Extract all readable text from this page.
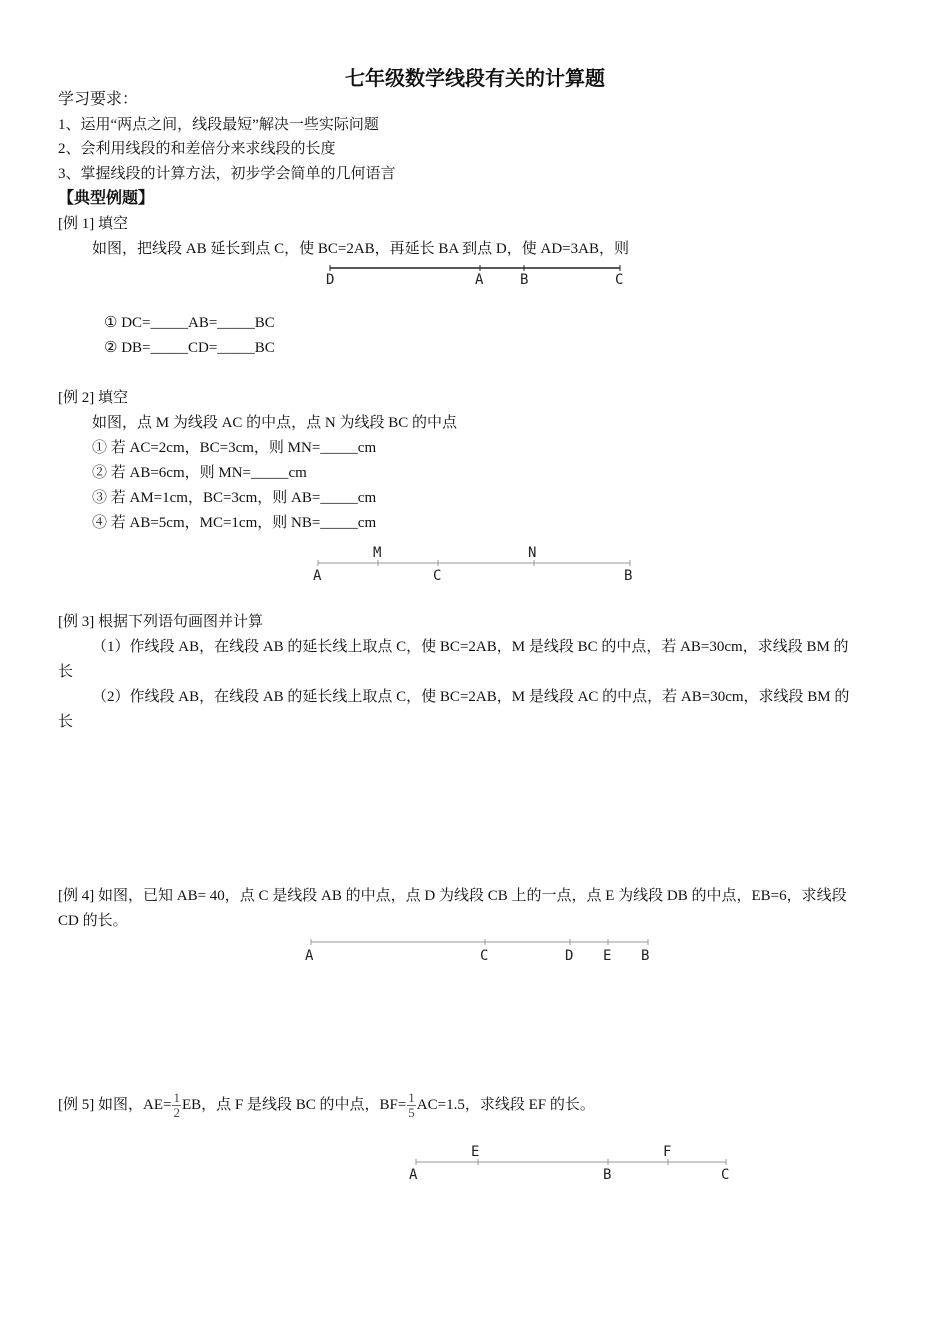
七年级数学线段有关的计算题
学习要求：
1、运用“两点之间，线段最短”解决一些实际问题
2、会利用线段的和差倍分来求线段的长度
3、掌握线段的计算方法，初步学会简单的几何语言
【典型例题】
[例 1] 填空
如图，把线段 AB 延长到点 C，使 BC=2AB，再延长 BA 到点 D，使 AD=3AB，则
D	A	B	C
① DC=_____AB=_____BC
② DB=_____CD=_____BC
[例 2] 填空
如图，点 M 为线段 AC 的中点，点 N 为线段 BC 的中点
① 若 AC=2cm，BC=3cm，则 MN=_____cm
② 若 AB=6cm，则 MN=_____cm
③ 若 AM=1cm，BC=3cm，则 AB=_____cm
④ 若 AB=5cm，MC=1cm，则 NB=_____cm
M	N
A	C	B
[例 3] 根据下列语句画图并计算
（1）作线段 AB，在线段 AB 的延长线上取点 C，使 BC=2AB，M 是线段 BC 的中点，若 AB=30cm，求线段 BM 的
长
（2）作线段 AB，在线段 AB 的延长线上取点 C，使 BC=2AB，M 是线段 AC 的中点，若 AB=30cm，求线段 BM 的
长
[例 4] 如图，已知 AB= 40，点 C 是线段 AB 的中点，点 D 为线段 CB 上的一点，点 E 为线段 DB 的中点，EB=6，求线段
CD 的长。
A	C	D E B
[例 5] 如图，$AE= \frac{1}{2}$ EB，点 F 是线段 BC 的中点，$BF= \frac{1}{5} AC=1.5$，求线段 EF 的长。
E	F
A	B	C
